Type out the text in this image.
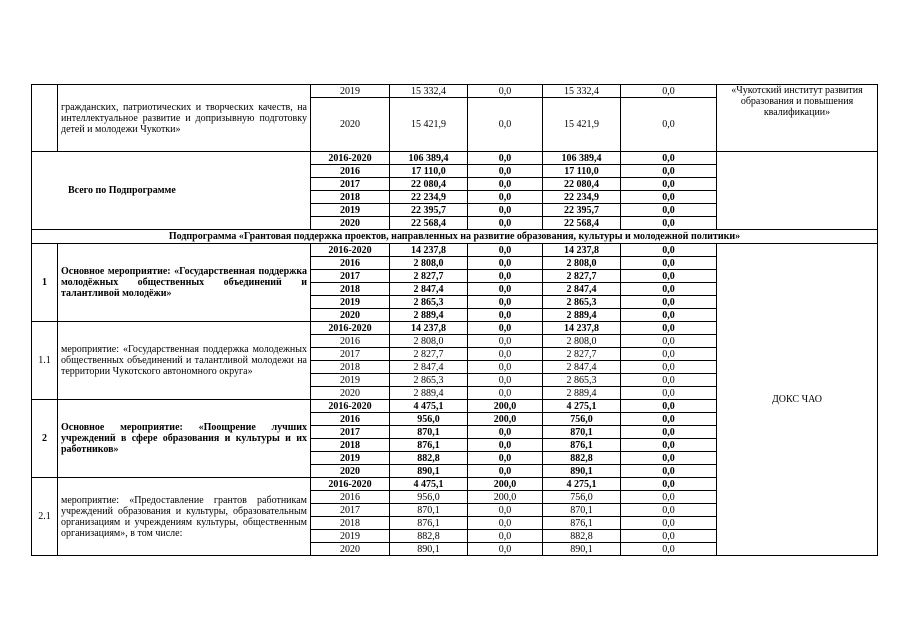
	гражданских, патриотических и творческих качеств, на интеллектуальное развитие и допризывную подготовку детей и молодежи Чукотки»	2019	15 332,4	0,0	15 332,4	0,0	«Чукотский институт развития образования и повышения квалификации»
		2020	15 421,9	0,0	15 421,9	0,0	
Всего по Подпрограмме		2016-2020	106 389,4	0,0	106 389,4	0,0	
		2016	17 110,0	0,0	17 110,0	0,0	
		2017	22 080,4	0,0	22 080,4	0,0	
		2018	22 234,9	0,0	22 234,9	0,0	
		2019	22 395,7	0,0	22 395,7	0,0	
		2020	22 568,4	0,0	22 568,4	0,0	
Подпрограмма «Грантовая поддержка проектов, направленных на развитие образования, культуры и молодежной политики»							
1	Основное мероприятие: «Государственная поддержка молодёжных общественных объединений и талантливой молодёжи»	2016-2020	14 237,8	0,0	14 237,8	0,0	ДОКС ЧАО
		2016	2 808,0	0,0	2 808,0	0,0	
		2017	2 827,7	0,0	2 827,7	0,0	
		2018	2 847,4	0,0	2 847,4	0,0	
		2019	2 865,3	0,0	2 865,3	0,0	
		2020	2 889,4	0,0	2 889,4	0,0	
1.1	мероприятие: «Государственная поддержка молодежных общественных объединений и талантливой молодежи на территории Чукотского автономного округа»	2016-2020	14 237,8	0,0	14 237,8	0,0	
		2016	2 808,0	0,0	2 808,0	0,0	
		2017	2 827,7	0,0	2 827,7	0,0	
		2018	2 847,4	0,0	2 847,4	0,0	
		2019	2 865,3	0,0	2 865,3	0,0	
		2020	2 889,4	0,0	2 889,4	0,0	
2	Основное мероприятие: «Поощрение лучших учреждений в сфере образования и культуры и их работников»	2016-2020	4 475,1	200,0	4 275,1	0,0	
		2016	956,0	200,0	756,0	0,0	
		2017	870,1	0,0	870,1	0,0	
		2018	876,1	0,0	876,1	0,0	
		2019	882,8	0,0	882,8	0,0	
		2020	890,1	0,0	890,1	0,0	
2.1	мероприятие: «Предоставление грантов работникам учреждений образования и культуры, образовательным организациям и учреждениям культуры, общественным организациям», в том числе:	2016-2020	4 475,1	200,0	4 275,1	0,0	
		2016	956,0	200,0	756,0	0,0	
		2017	870,1	0,0	870,1	0,0	
		2018	876,1	0,0	876,1	0,0	
		2019	882,8	0,0	882,8	0,0	
		2020	890,1	0,0	890,1	0,0	
